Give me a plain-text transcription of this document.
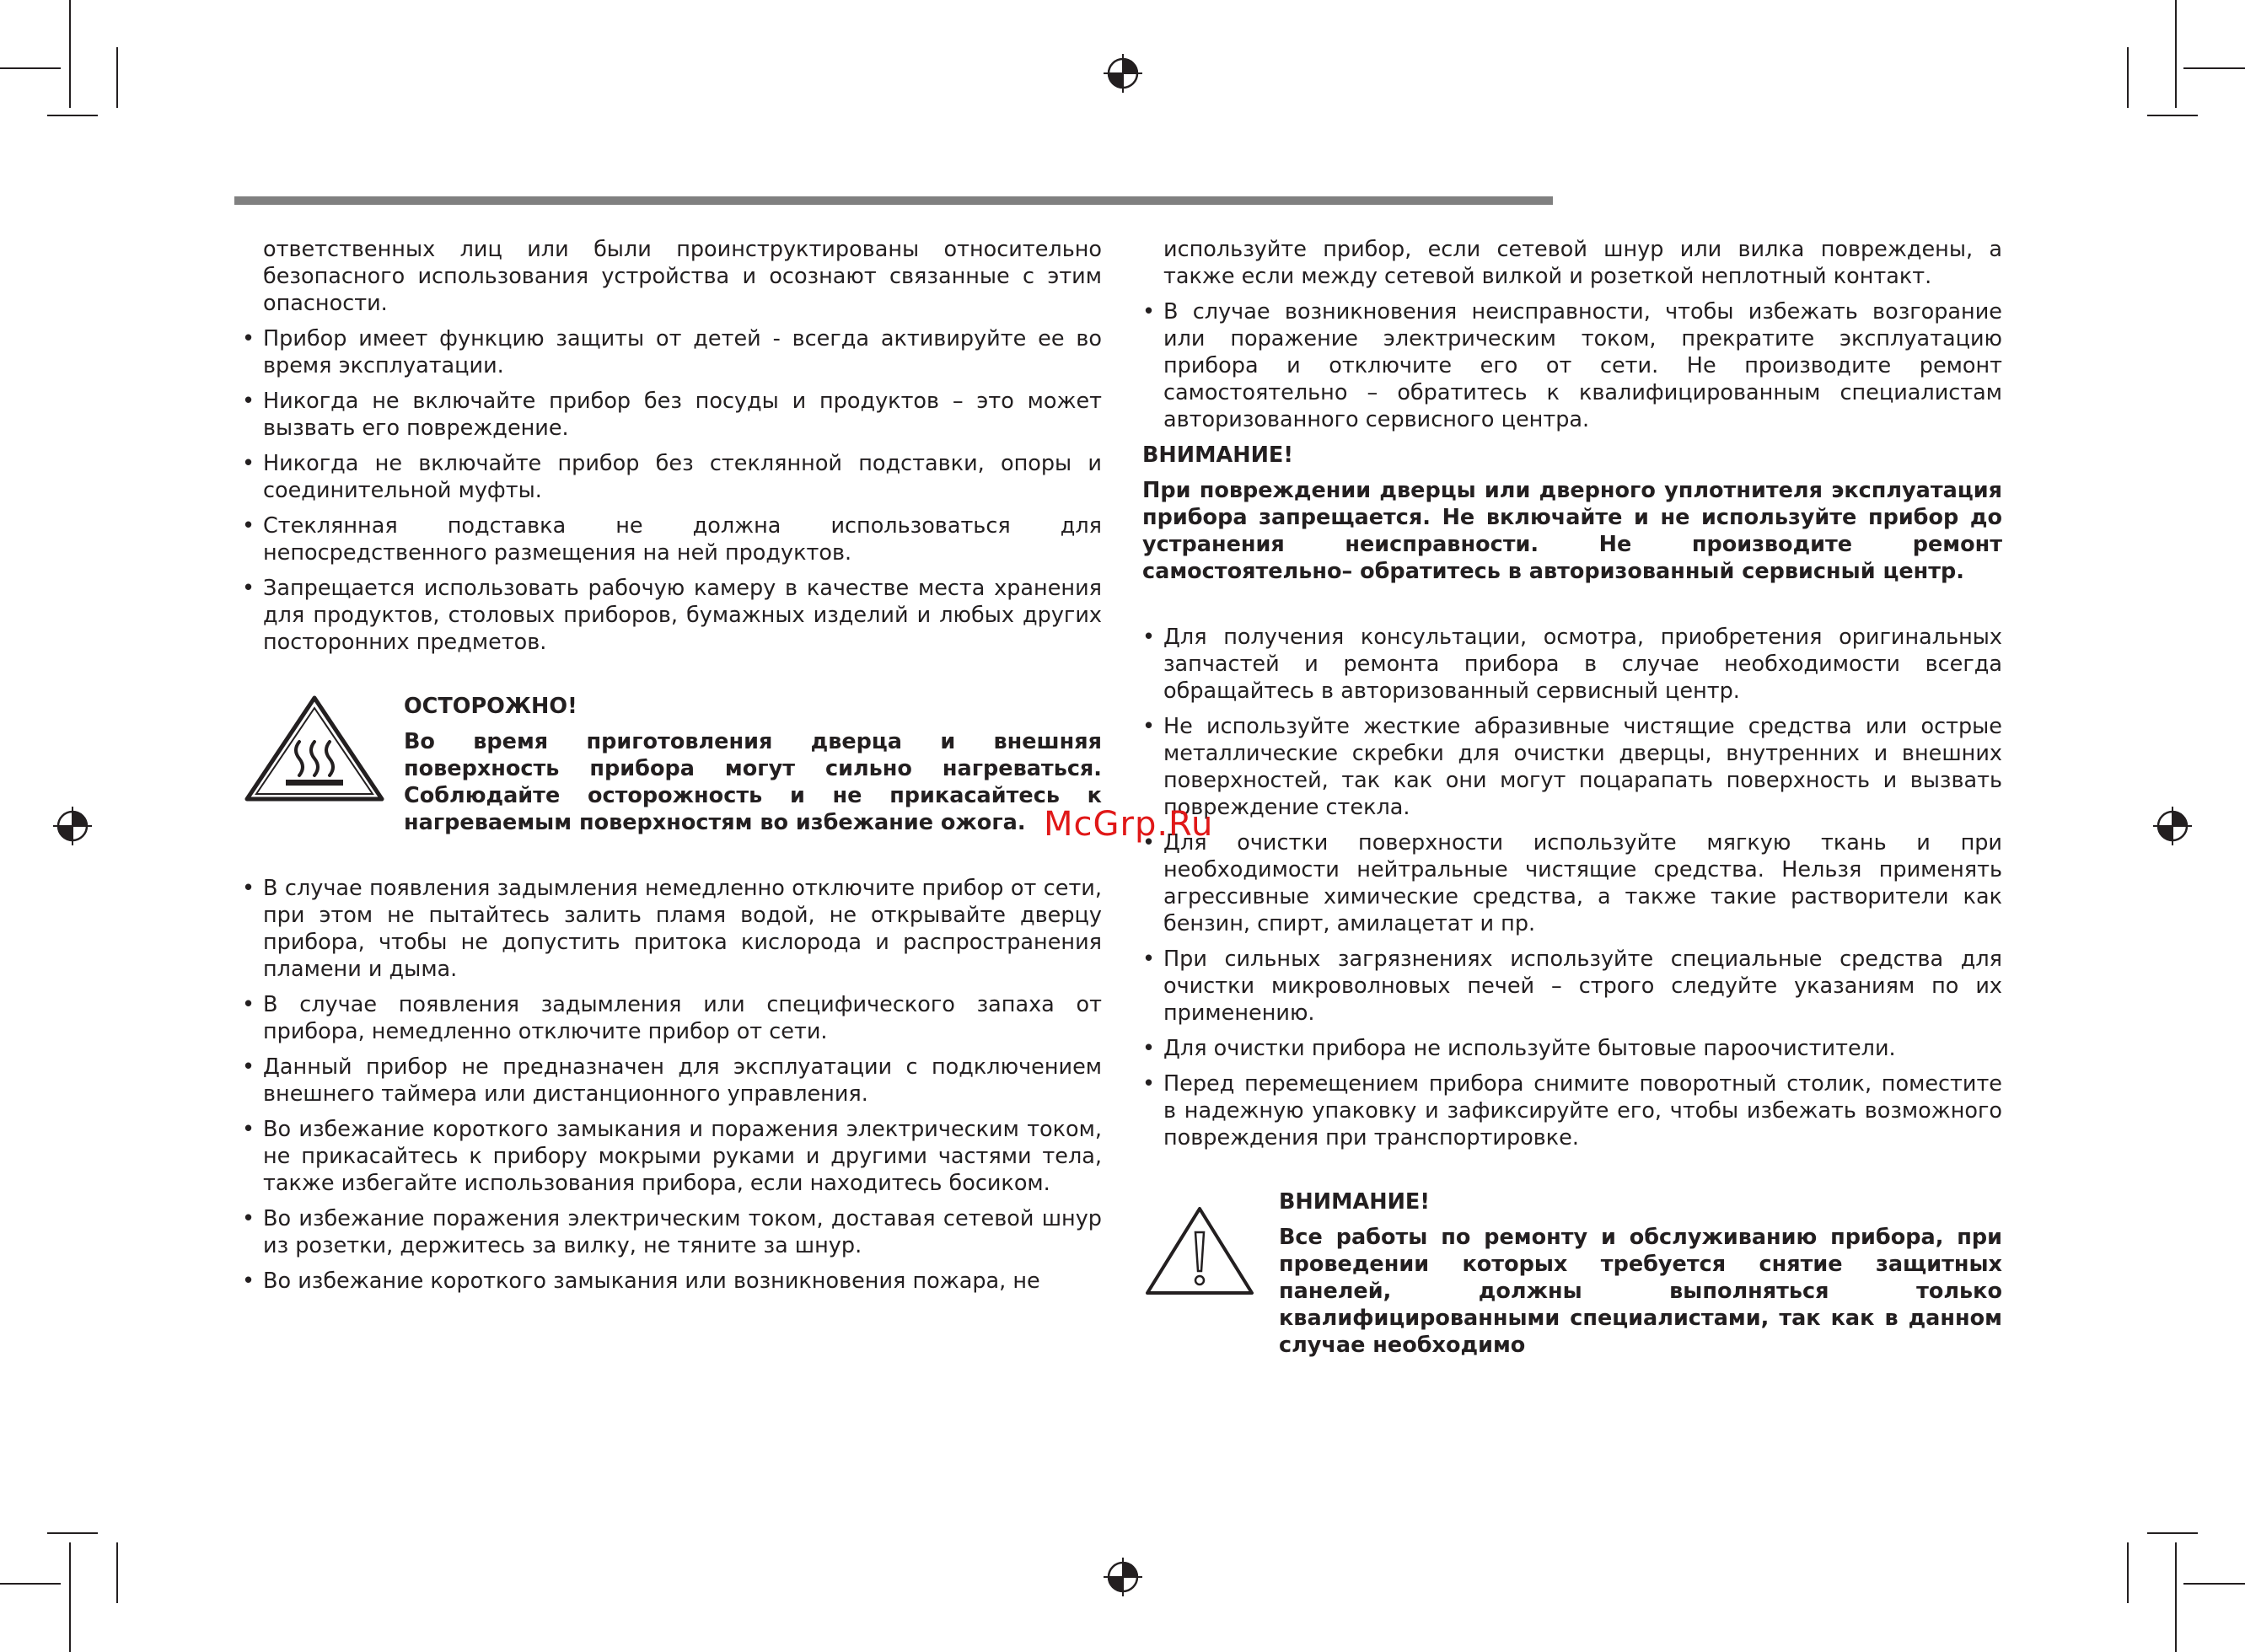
ответственных лиц или были проинструктированы относительно безопасного использования устройства и осознают связанные с этим опасности.

• Прибор имеет функцию защиты от детей - всегда активируйте ее во время эксплуатации.
• Никогда не включайте прибор без посуды и продуктов – это может вызвать его повреждение.
• Никогда не включайте прибор без стеклянной подставки, опоры и соединительной муфты.
• Стеклянная подставка не должна использоваться для непосредственного размещения на ней продуктов.
• Запрещается использовать рабочую камеру в качестве места хранения для продуктов, столовых приборов, бумажных изделий и любых других посторонних предметов.

ОСТОРОЖНО!

Во время приготовления дверца и внешняя поверхность прибора могут сильно нагреваться. Соблюдайте осторожность и не прикасайтесь к нагреваемым поверхностям во избежание ожога.

• В случае появления задымления немедленно отключите прибор от сети, при этом не пытайтесь залить пламя водой, не открывайте дверцу прибора, чтобы не допустить притока кислорода и распространения пламени и дыма.
• В случае появления задымления или специфического запаха от прибора, немедленно отключите прибор от сети.
• Данный прибор не предназначен для эксплуатации с подключением внешнего таймера или дистанционного управления.
• Во избежание короткого замыкания и поражения электрическим током, не прикасайтесь к прибору мокрыми руками и другими частями тела, также избегайте использования прибора, если находитесь босиком.
• Во избежание поражения электрическим током, доставая сетевой шнур из розетки, держитесь за вилку, не тяните за шнур.
• Во избежание короткого замыкания или возникновения пожара, не

используйте прибор, если сетевой шнур или вилка повреждены, а также если между сетевой вилкой и розеткой неплотный контакт.

• В случае возникновения неисправности, чтобы избежать возгорание или поражение электрическим током, прекратите эксплуатацию прибора и отключите его от сети. Не производите ремонт самостоятельно – обратитесь к квалифицированным специалистам авторизованного сервисного центра.

ВНИМАНИЕ!

При повреждении дверцы или дверного уплотнителя эксплуатация прибора запрещается. Не включайте и не используйте прибор до устранения неисправности. Не производите ремонт самостоятельно– обратитесь в авторизованный сервисный центр.

• Для получения консультации, осмотра, приобретения оригинальных запчастей и ремонта прибора в случае необходимости всегда обращайтесь в авторизованный сервисный центр.
• Не используйте жесткие абразивные чистящие средства или острые металлические скребки для очистки дверцы, внутренних и внешних поверхностей, так как они могут поцарапать поверхность и вызвать повреждение стекла.
• Для очистки поверхности используйте мягкую ткань и при необходимости нейтральные чистящие средства. Нельзя применять агрессивные химические средства, а также такие растворители как бензин, спирт, амилацетат и пр.
• При сильных загрязнениях используйте специальные средства для очистки микроволновых печей – строго следуйте указаниям по их применению.
• Для очистки прибора не используйте бытовые пароочистители.
• Перед перемещением прибора снимите поворотный столик, поместите в надежную упаковку и зафиксируйте его, чтобы избежать возможного повреждения при транспортировке.

ВНИМАНИЕ!

Все работы по ремонту и обслуживанию прибора, при проведении которых требуется снятие защитных панелей, должны выполняться только квалифицированными специалистами, так как в данном случае необходимо

McGrp.Ru
